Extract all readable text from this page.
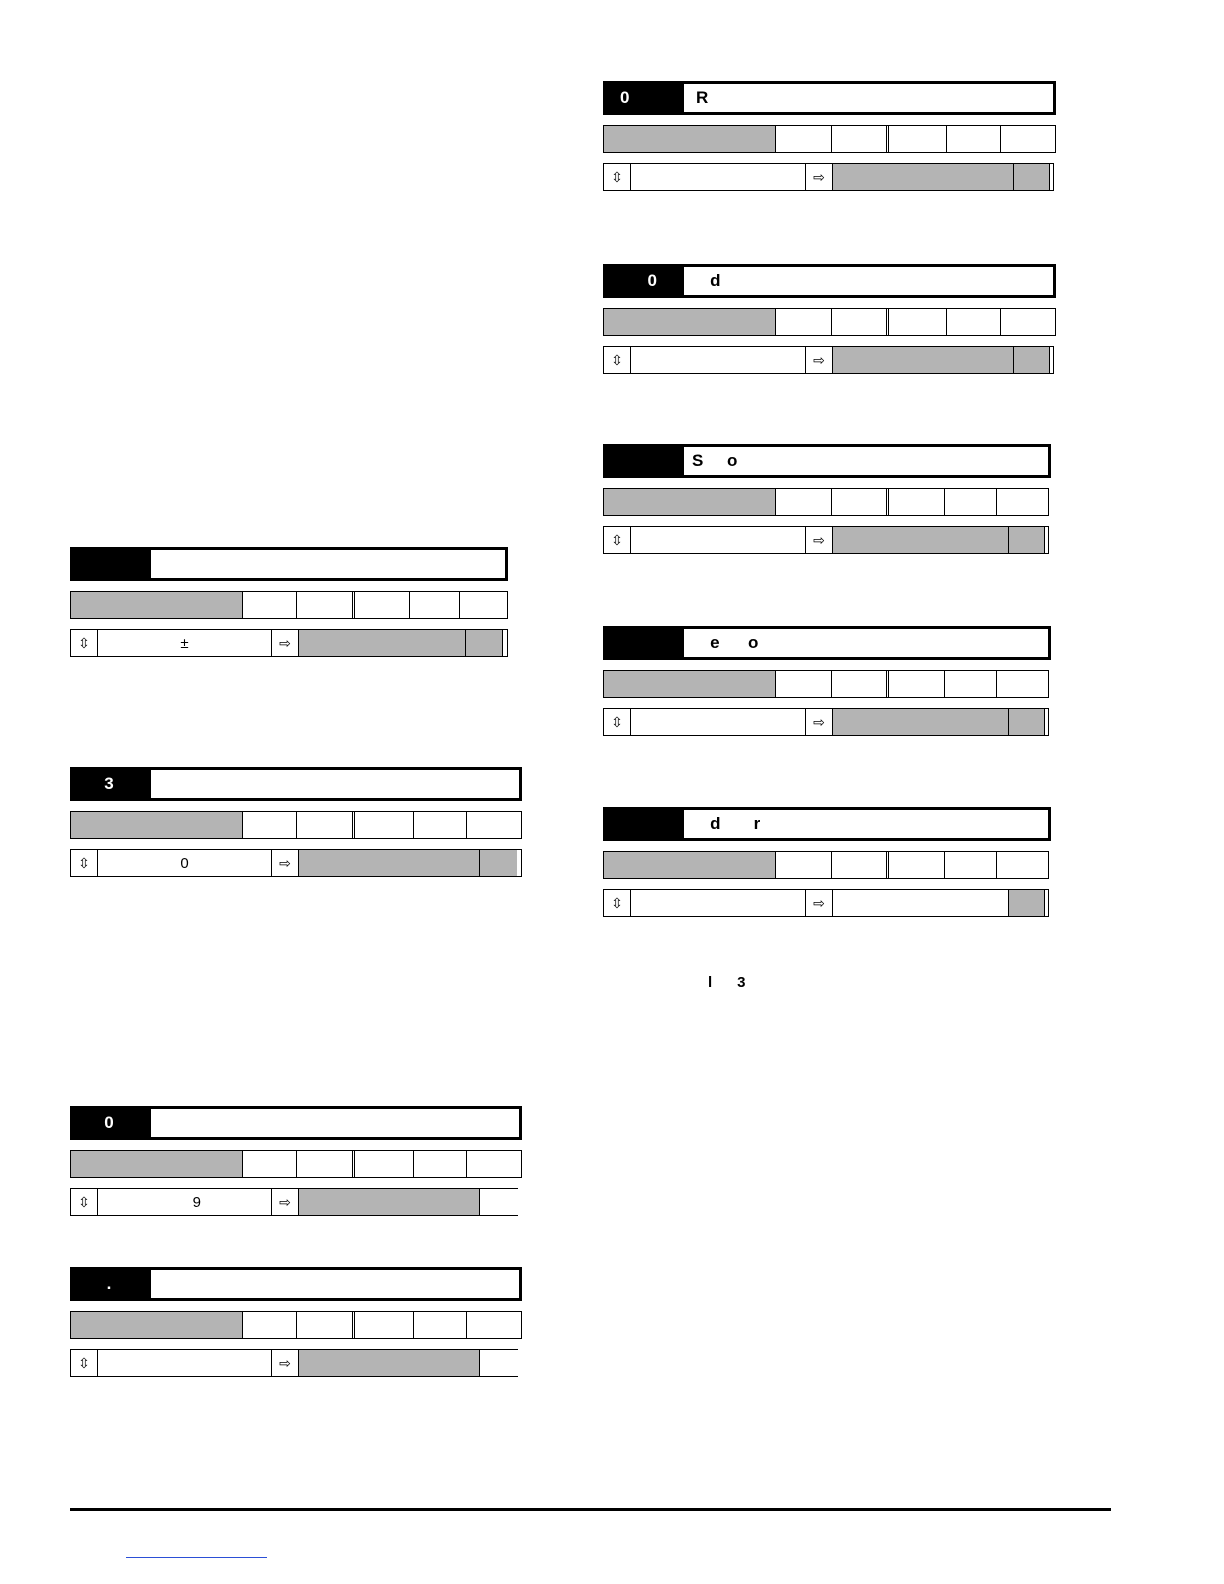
⇳	±	⇨
3
⇳	0	⇨
0
⇳	9	⇨
.
⇳	⇨
0	R
⇳	⇨
0	d
⇳	⇨
S     o
⇳	⇨
e      o
⇳	⇨
d       r
⇳	⇨
l      3
